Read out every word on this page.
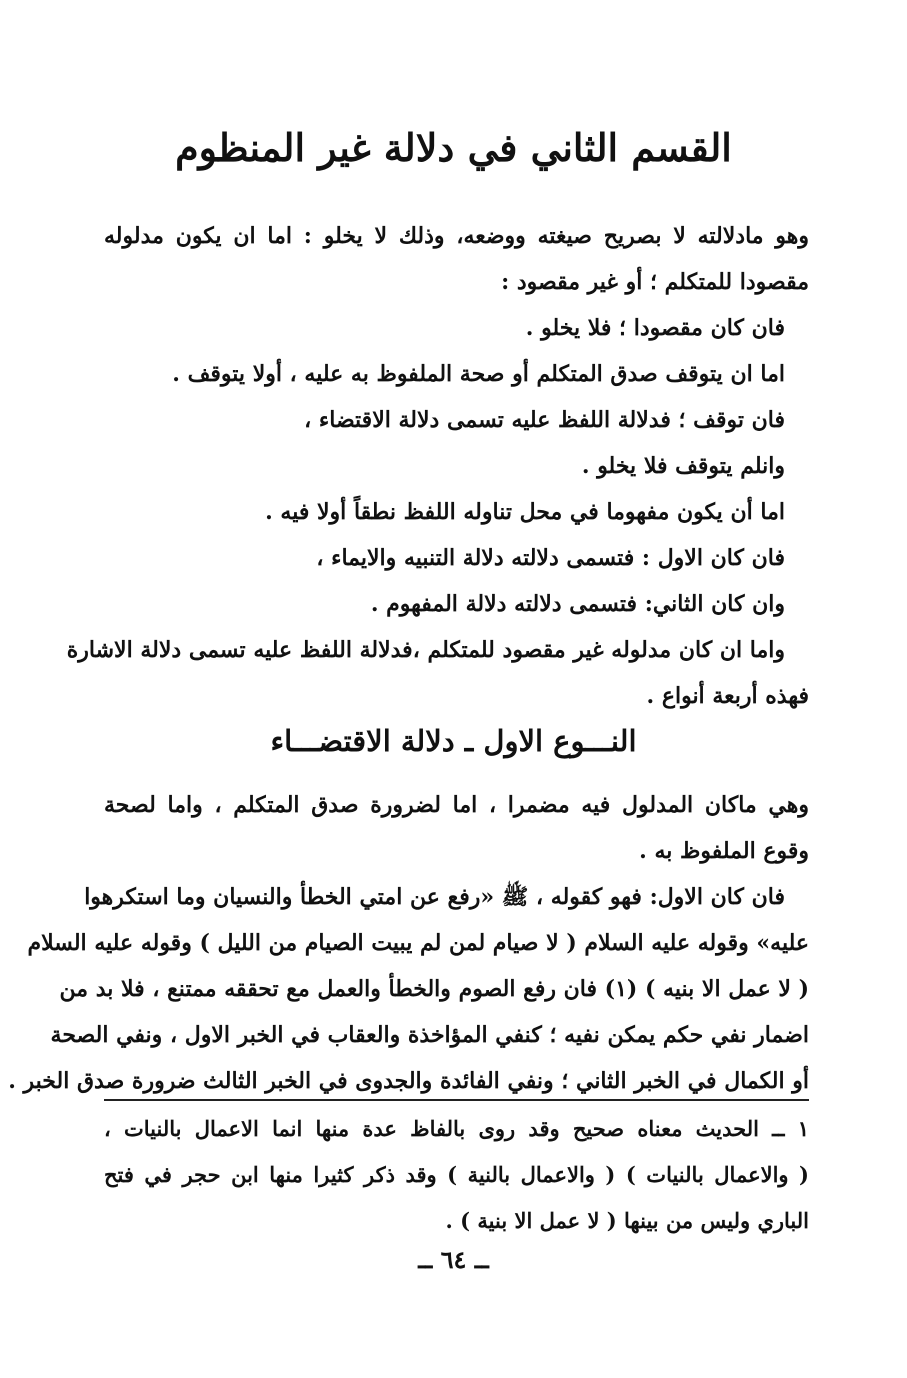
القسم الثاني في دلالة غير المنظوم
وهو مادلالته لا بصريح صيغته ووضعه، وذلك لا يخلو : اما ان يكون مدلوله
مقصودا للمتكلم ؛ أو غير مقصود :
فان كان مقصودا ؛ فلا يخلو .
اما ان يتوقف صدق المتكلم أو صحة الملفوظ به عليه ، أولا يتوقف .
فان توقف ؛ فدلالة اللفظ عليه تسمى دلالة الاقتضاء ،
وانلم يتوقف فلا يخلو .
اما أن يكون مفهوما في محل تناوله اللفظ نطقاً أولا فيه .
فان كان الاول : فتسمى دلالته دلالة التنبيه والايماء ،
وان كان الثاني: فتسمى دلالته دلالة المفهوم .
واما ان كان مدلوله غير مقصود للمتكلم ،فدلالة اللفظ عليه تسمى دلالة الاشارة
فهذه أربعة أنواع .
النـــوع الاول ـ دلالة الاقتضـــاء
وهي ماكان المدلول فيه مضمرا ، اما لضرورة صدق المتكلم ، واما لصحة
وقوع الملفوظ به .
فان كان الاول: فهو كقوله ، ﷺ «رفع عن امتي الخطأ والنسيان وما استكرهوا
عليه» وقوله عليه السلام ( لا صيام لمن لم يبيت الصيام من الليل ) وقوله عليه السلام
( لا عمل الا بنيه ) (١) فان رفع الصوم والخطأ والعمل مع تحققه ممتنع ، فلا بد من
اضمار نفي حكم يمكن نفيه ؛ كنفي المؤاخذة والعقاب في الخبر الاول ، ونفي الصحة
أو الكمال في الخبر الثاني ؛ ونفي الفائدة والجدوى في الخبر الثالث ضرورة صدق الخبر .
١ ــ الحديث معناه صحيح وقد روى بالفاظ عدة منها انما الاعمال بالنيات ،
( والاعمال بالنيات ) ( والاعمال بالنية ) وقد ذكر كثيرا منها ابن حجر في فتح
الباري وليس من بينها ( لا عمل الا بنية ) .
ــ ٦٤ ــ
